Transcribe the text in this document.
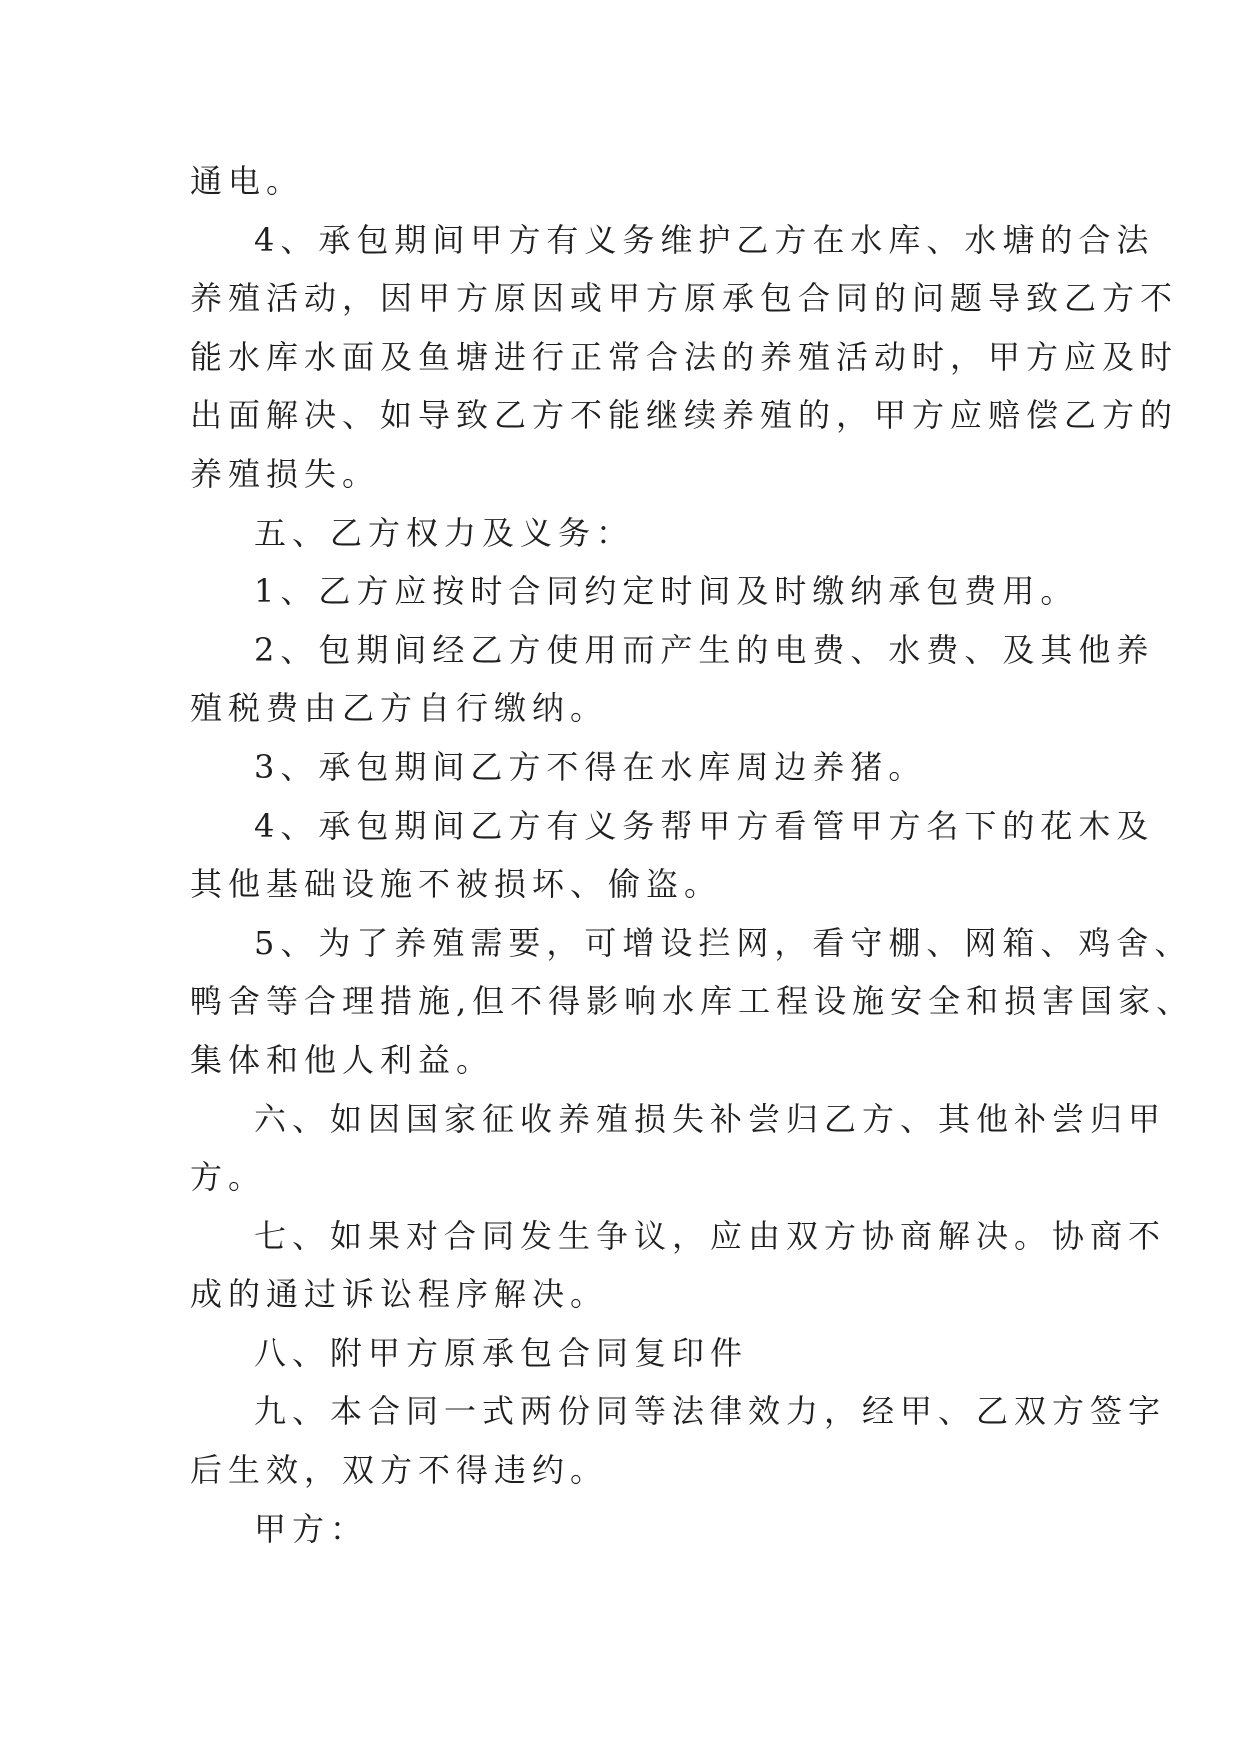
通电。

4、承包期间甲方有义务维护乙方在水库、水塘的合法
养殖活动，因甲方原因或甲方原承包合同的问题导致乙方不
能水库水面及鱼塘进行正常合法的养殖活动时，甲方应及时
出面解决、如导致乙方不能继续养殖的，甲方应赔偿乙方的
养殖损失。

五、乙方权力及义务：

1、乙方应按时合同约定时间及时缴纳承包费用。

2、包期间经乙方使用而产生的电费、水费、及其他养
殖税费由乙方自行缴纳。

3、承包期间乙方不得在水库周边养猪。

4、承包期间乙方有义务帮甲方看管甲方名下的花木及
其他基础设施不被损坏、偷盗。

5、为了养殖需要，可增设拦网，看守棚、网箱、鸡舍、
鸭舍等合理措施,但不得影响水库工程设施安全和损害国家、
集体和他人利益。

六、如因国家征收养殖损失补尝归乙方、其他补尝归甲
方。

七、如果对合同发生争议，应由双方协商解决。协商不
成的通过诉讼程序解决。

八、附甲方原承包合同复印件

九、本合同一式两份同等法律效力，经甲、乙双方签字
后生效，双方不得违约。

甲方：
